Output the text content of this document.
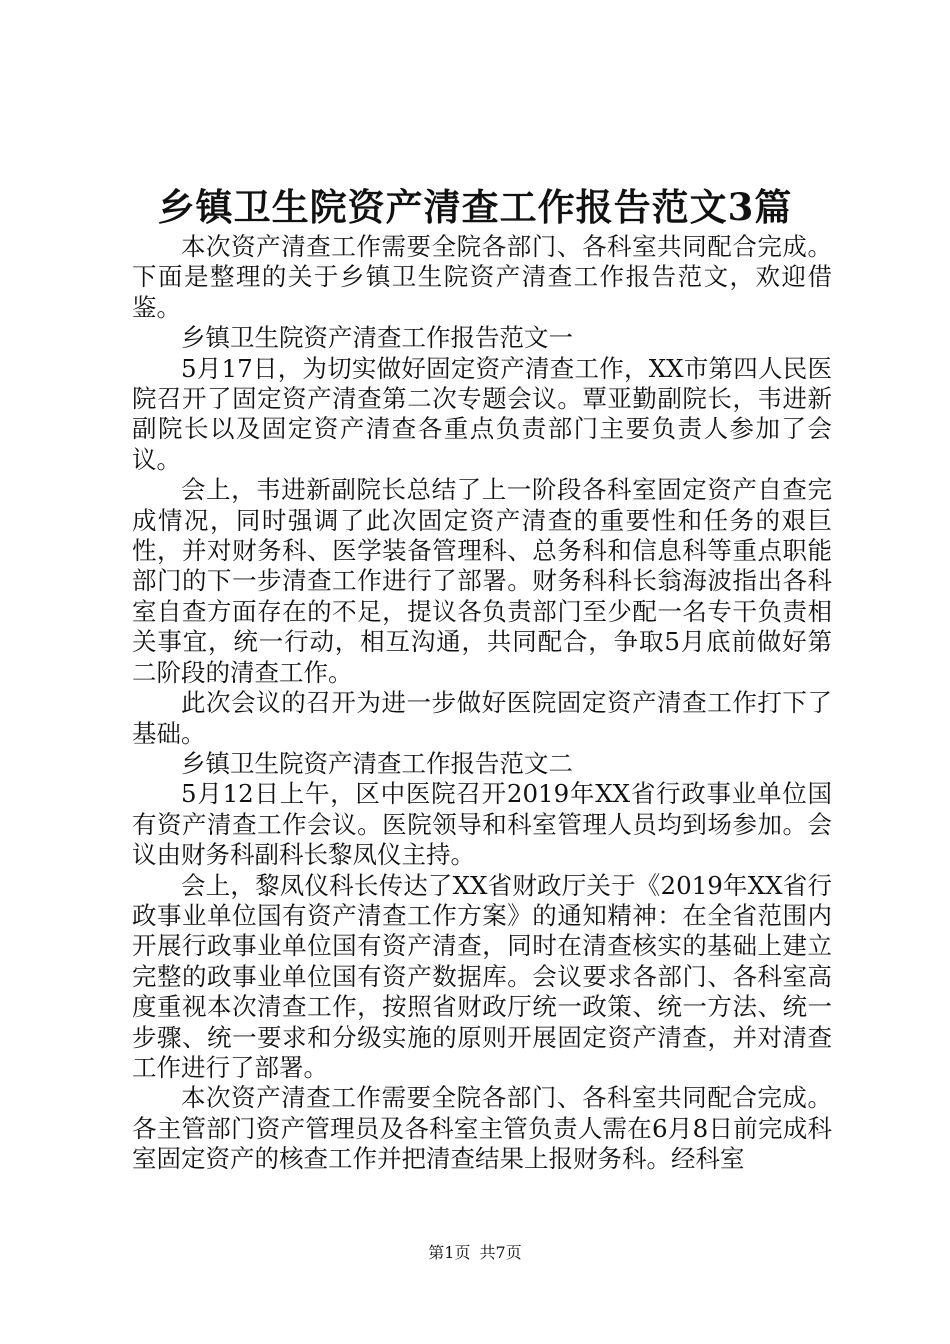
乡镇卫生院资产清查工作报告范文3篇

本次资产清查工作需要全院各部门、各科室共同配合完成。下面是整理的关于乡镇卫生院资产清查工作报告范文，欢迎借鉴。

乡镇卫生院资产清查工作报告范文一

5月17日，为切实做好固定资产清查工作，XX市第四人民医院召开了固定资产清查第二次专题会议。覃亚勤副院长，韦进新副院长以及固定资产清查各重点负责部门主要负责人参加了会议。

会上，韦进新副院长总结了上一阶段各科室固定资产自查完成情况，同时强调了此次固定资产清查的重要性和任务的艰巨性，并对财务科、医学装备管理科、总务科和信息科等重点职能部门的下一步清查工作进行了部署。财务科科长翁海波指出各科室自查方面存在的不足，提议各负责部门至少配一名专干负责相关事宜，统一行动，相互沟通，共同配合，争取5月底前做好第二阶段的清查工作。

此次会议的召开为进一步做好医院固定资产清查工作打下了基础。

乡镇卫生院资产清查工作报告范文二

5月12日上午，区中医院召开2019年XX省行政事业单位国有资产清查工作会议。医院领导和科室管理人员均到场参加。会议由财务科副科长黎凤仪主持。

会上，黎凤仪科长传达了XX省财政厅关于《2019年XX省行政事业单位国有资产清查工作方案》的通知精神：在全省范围内开展行政事业单位国有资产清查，同时在清查核实的基础上建立完整的政事业单位国有资产数据库。会议要求各部门、各科室高度重视本次清查工作，按照省财政厅统一政策、统一方法、统一步骤、统一要求和分级实施的原则开展固定资产清查，并对清查工作进行了部署。

本次资产清查工作需要全院各部门、各科室共同配合完成。各主管部门资产管理员及各科室主管负责人需在6月8日前完成科室固定资产的核查工作并把清查结果上报财务科。经科室

第1页 共7页
